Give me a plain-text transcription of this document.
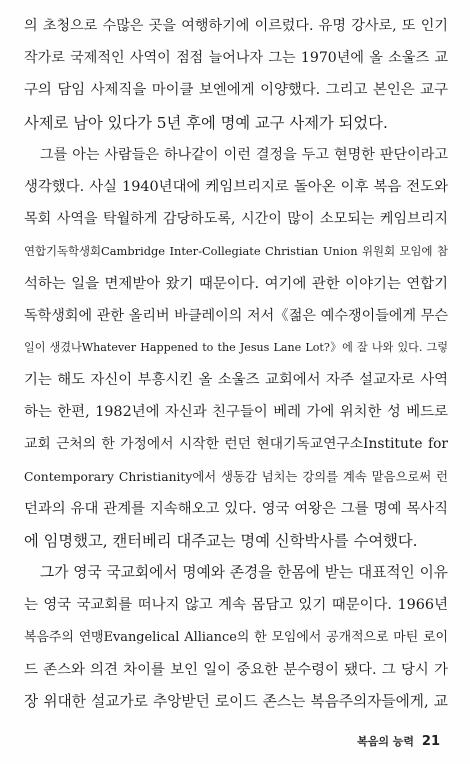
의 초청으로 수많은 곳을 여행하기에 이르렀다. 유명 강사로, 또 인기
작가로 국제적인 사역이 점점 늘어나자 그는 1970년에 올 소울즈 교
구의 담임 사제직을 마이클 보엔에게 이양했다. 그리고 본인은 교구
사제로 남아 있다가 5년 후에 명예 교구 사제가 되었다.
그를 아는 사람들은 하나같이 이런 결정을 두고 현명한 판단이라고
생각했다. 사실 1940년대에 케임브리지로 돌아온 이후 복음 전도와
목회 사역을 탁월하게 감당하도록, 시간이 많이 소모되는 케임브리지
연합기독학생회Cambridge Inter-Collegiate Christian Union 위원회 모임에 참
석하는 일을 면제받아 왔기 때문이다. 여기에 관한 이야기는 연합기
독학생회에 관한 올리버 바클레이의 저서《젊은 예수쟁이들에게 무슨
일이 생겼나Whatever Happened to the Jesus Lane Lot?》에 잘 나와 있다. 그렇
기는 해도 자신이 부흥시킨 올 소울즈 교회에서 자주 설교자로 사역
하는 한편, 1982년에 자신과 친구들이 베레 가에 위치한 성 베드로
교회 근처의 한 가정에서 시작한 런던 현대기독교연구소Institute for
Contemporary Christianity에서 생동감 넘치는 강의를 계속 맡음으로써 런
던과의 유대 관계를 지속해오고 있다. 영국 여왕은 그를 명예 목사직
에 임명했고, 캔터베리 대주교는 명예 신학박사를 수여했다.
그가 영국 국교회에서 명예와 존경을 한몸에 받는 대표적인 이유
는 영국 국교회를 떠나지 않고 계속 몸담고 있기 때문이다. 1966년
복음주의 연맹Evangelical Alliance의 한 모임에서 공개적으로 마틴 로이
드 존스와 의견 차이를 보인 일이 중요한 분수령이 됐다. 그 당시 가
장 위대한 설교가로 추앙받던 로이드 존스는 복음주의자들에게, 교
복음의 능력 21
